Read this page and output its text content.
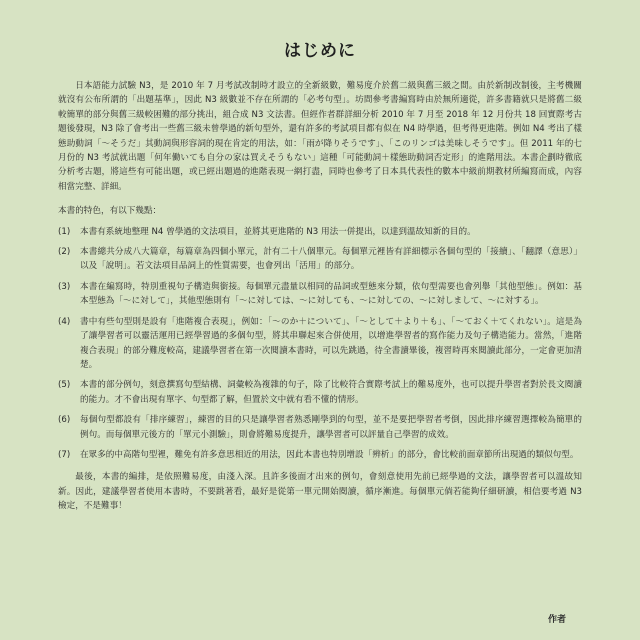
はじめに

日本語能力試驗 N3，是 2010 年 7 月考試改制時才設立的全新級數，難易度介於舊二級與舊三級之間。由於新制改制後，主考機關就沒有公布所謂的「出題基準」，因此 N3 級數並不存在所謂的「必考句型」。坊間參考書編寫時由於無所適從，許多書籍就只是將舊二級較簡單的部分與舊三級較困難的部分挑出，組合成 N3 文法書。但經作者群詳細分析 2010 年 7 月至 2018 年 12 月份共 18 回實際考古題後發現，N3 除了會考出一些舊三級未曾學過的新句型外，還有許多的考試項目都有似在 N4 時學過，但考得更進階。例如 N4 考出了樣態助動詞「～そうだ」其動詞與形容詞的現在肯定的用法，如：「雨が降りそうです」、「このリンゴは美味しそうです」。但 2011 年的七月份的 N3 考試就出題「何年働いても自分の家は買えそうもない」這種「可能動詞＋樣態助動詞否定形」的進階用法。本書企劃時徹底分析考古題，將這些有可能出題，或已經出題過的進階表現一網打盡，同時也參考了日本具代表性的數本中級前期教材所編寫而成，內容相當完整、詳細。

本書的特色，有以下幾點：

(1)	本書有系統地整理 N4 曾學過的文法項目，並將其更進階的 N3 用法一併提出，以達到溫故知新的目的。
(2)	本書總共分成八大篇章，每篇章為四個小單元，計有二十八個單元。每個單元裡皆有詳細標示各個句型的「接續」、「翻譯（意思）」以及「說明」。若文法項目品詞上的性質需要，也會列出「活用」的部分。
(3)	本書在編寫時，特別重視句子構造與銜接。每個單元盡量以相同的品詞或型態來分類，依句型需要也會列舉「其他型態」。例如：基本型態為「～に対して」，其他型態則有「～に対しては、～に対しても、～に対しての、～に対しまして、～に対する」。
(4)	書中有些句型則是設有「進階複合表現」，例如：「～のか＋について」、「～として＋より＋も」、「～ておく＋てくれない」。這是為了讓學習者可以靈活運用已經學習過的多個句型，將其串聯起來合併使用，以增進學習者的寫作能力及句子構造能力。當然，「進階複合表現」的部分難度較高，建議學習者在第一次閱讀本書時，可以先跳過，待全書讀畢後，複習時再來閱讀此部分，一定會更加清楚。
(5)	本書的部分例句，刻意撰寫句型結構、詞彙較為複雜的句子，除了比較符合實際考試上的難易度外，也可以提升學習者對於長文閱讀的能力。才不會出現有單字、句型都了解，但置於文中就有看不懂的情形。
(6)	每個句型都設有「排序練習」，練習的目的只是讓學習者熟悉剛學到的句型，並不是要把學習者考倒，因此排序練習選擇較為簡單的例句。而每個單元後方的「單元小測驗」，則會將難易度提升，讓學習者可以評量自己學習的成效。
(7)	在眾多的中高階句型裡，難免有許多意思相近的用法，因此本書也特別增設「辨析」的部分，會比較前面章節所出現過的類似句型。

最後，本書的編排，是依照難易度，由淺入深。且許多後面才出來的例句，會刻意使用先前已經學過的文法，讓學習者可以溫故知新。因此，建議學習者使用本書時，不要跳著看，最好是從第一單元開始閱讀，循序漸進。每個單元倘若能夠仔細研讀，相信要考過 N3 檢定，不是難事！

作者
